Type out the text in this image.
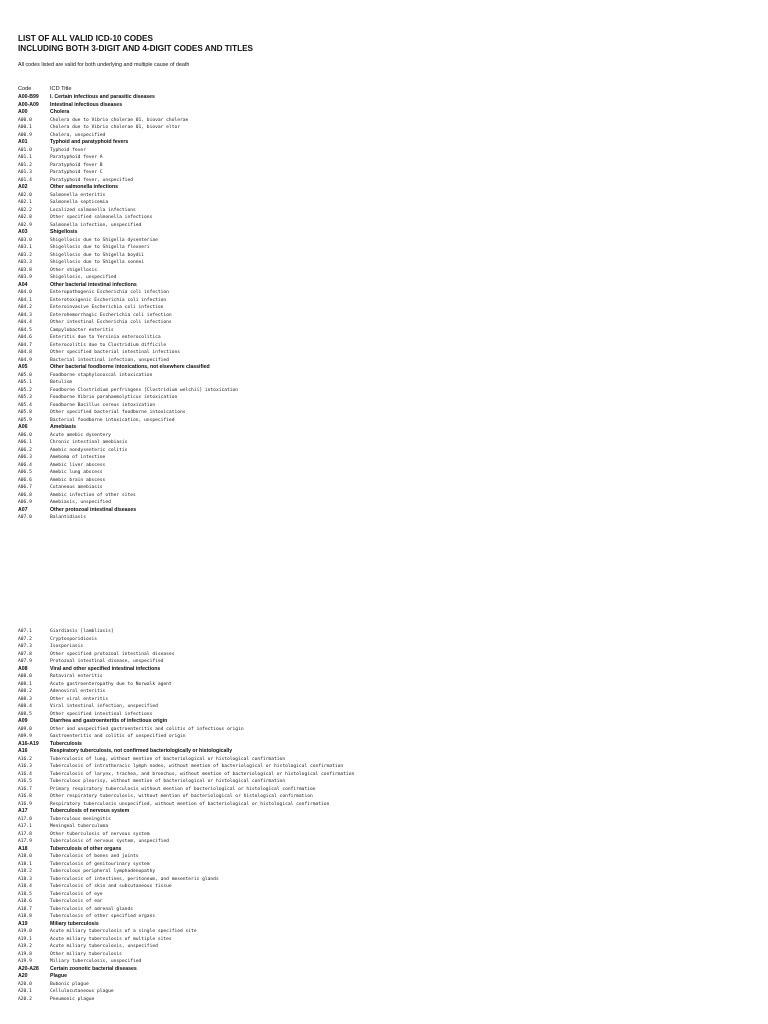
LIST OF ALL VALID ICD-10 CODES
INCLUDING BOTH 3-DIGIT AND 4-DIGIT CODES AND TITLES
All codes listed are valid for both underlying and multiple cause of death
Code	ICD Title
A00-B99 I. Certain infectious and parasitic diseases
A00-A09 Intestinal infectious diseases
A00	Cholera
A00.0	Cholera due to Vibrio cholerae 01, biovar cholerae
A00.1	Cholera due to Vibrio cholerae 01, biovar eltor
A00.9	Cholera, unspecified
A01	Typhoid and paratyphoid fevers
A01.0	Typhoid fever
A01.1	Paratyphoid fever A
A01.2	Paratyphoid fever B
A01.3	Paratyphoid fever C
A01.4	Paratyphoid fever, unspecified
A02	Other salmonella infections
A02.0	Salmonella enteritis
A02.1	Salmonella septicemia
A02.2	Localized salmonella infections
A02.8	Other specified salmonella infections
A02.9	Salmonella infection, unspecified
A03	Shigellosis
A03.0	Shigellosis due to Shigella dysenteriae
A03.1	Shigellosis due to Shigella flexneri
A03.2	Shigellosis due to Shigella boydii
A03.3	Shigellosis due to Shigella sonnei
A03.8	Other shigellosis
A03.9	Shigellosis, unspecified
A04	Other bacterial intestinal infections
A04.0	Enteropathogenic Escherichia coli infection
A04.1	Enterotoxigenic Escherichia coli infection
A04.2	Enteroinvasive Escherichia coli infection
A04.3	Enterohemorrhagic Escherichia coli infection
A04.4	Other intestinal Escherichia coli infections
A04.5	Campylobacter enteritis
A04.6	Enteritis due to Yersinia enterocolitica
A04.7	Enterocolitis due to Clostridium difficile
A04.8	Other specified bacterial intestinal infections
A04.9	Bacterial intestinal infection, unspecified
A05	Other bacterial foodborne intoxications, not elsewhere classified
A05.0	Foodborne staphylococcal intoxication
A05.1	Botulism
A05.2	Foodborne Clostridium perfringens [Clostridium welchii] intoxication
A05.3	Foodborne Vibrio parahaemolyticus intoxication
A05.4	Foodborne Bacillus cereus intoxication
A05.8	Other specified bacterial foodborne intoxications
A05.9	Bacterial foodborne intoxication, unspecified
A06	Amebiasis
A06.0	Acute amebic dysentery
A06.1	Chronic intestinal amebiasis
A06.2	Amebic nondysenteric colitis
A06.3	Ameboma of intestine
A06.4	Amebic liver abscess
A06.5	Amebic lung abscess
A06.6	Amebic brain abscess
A06.7	Cutaneous amebiasis
A06.8	Amebic infection of other sites
A06.9	Amebiasis, unspecified
A07	Other protozoal intestinal diseases
A07.0	Balantidiasis
A07.1	Giardiasis [lambliasis]
A07.2	Cryptosporidiosis
A07.3	Isosporiasis
A07.8	Other specified protozoal intestinal diseases
A07.9	Protozoal intestinal disease, unspecified
A08	Viral and other specified intestinal infections
A08.0	Rotaviral enteritis
A08.1	Acute gastroenteropathy due to Norwalk agent
A08.2	Adenoviral enteritis
A08.3	Other viral enteritis
A08.4	Viral intestinal infection, unspecified
A08.5	Other specified intestinal infections
A09	Diarrhea and gastroenteritis of infectious origin
A09.0	Other and unspecified gastroenteritis and colitis of infectious origin
A09.9	Gastroenteritis and colitis of unspecified origin
A16-A19 Tuberculosis
A16	Respiratory tuberculosis, not confirmed bacteriologically or histologically
A16.2	Tuberculosis of lung, without mention of bacteriological or histological confirmation
A16.3	Tuberculosis of intrathoracic lymph nodes, without mention of bacteriological or histological confirmation
A16.4	Tuberculosis of larynx, trachea, and bronchus, without mention of bacteriological or histological confirmation
A16.5	Tuberculous pleurisy, without mention of bacteriological or histological confirmation
A16.7	Primary respiratory tuberculosis without mention of bacteriological or histological confirmation
A16.8	Other respiratory tuberculosis, without mention of bacteriological or histological confirmation
A16.9	Respiratory tuberculosis unspecified, without mention of bacteriological or histological confirmation
A17	Tuberculosis of nervous system
A17.0	Tuberculous meningitis
A17.1	Meningeal tuberculoma
A17.8	Other tuberculosis of nervous system
A17.9	Tuberculosis of nervous system, unspecified
A18	Tuberculosis of other organs
A18.0	Tuberculosis of bones and joints
A18.1	Tuberculosis of genitourinary system
A18.2	Tuberculous peripheral lymphadenopathy
A18.3	Tuberculosis of intestines, peritoneum, and mesenteric glands
A18.4	Tuberculosis of skin and subcutaneous tissue
A18.5	Tuberculosis of eye
A18.6	Tuberculosis of ear
A18.7	Tuberculosis of adrenal glands
A18.8	Tuberculosis of other specified organs
A19	Miliary tuberculosis
A19.0	Acute miliary tuberculosis of a single specified site
A19.1	Acute miliary tuberculosis of multiple sites
A19.2	Acute miliary tuberculosis, unspecified
A19.8	Other miliary tuberculosis
A19.9	Miliary tuberculosis, unspecified
A20-A28 Certain zoonotic bacterial diseases
A20	Plague
A20.0	Bubonic plague
A20.1	Cellulocutaneous plague
A20.2	Pneumonic plague
